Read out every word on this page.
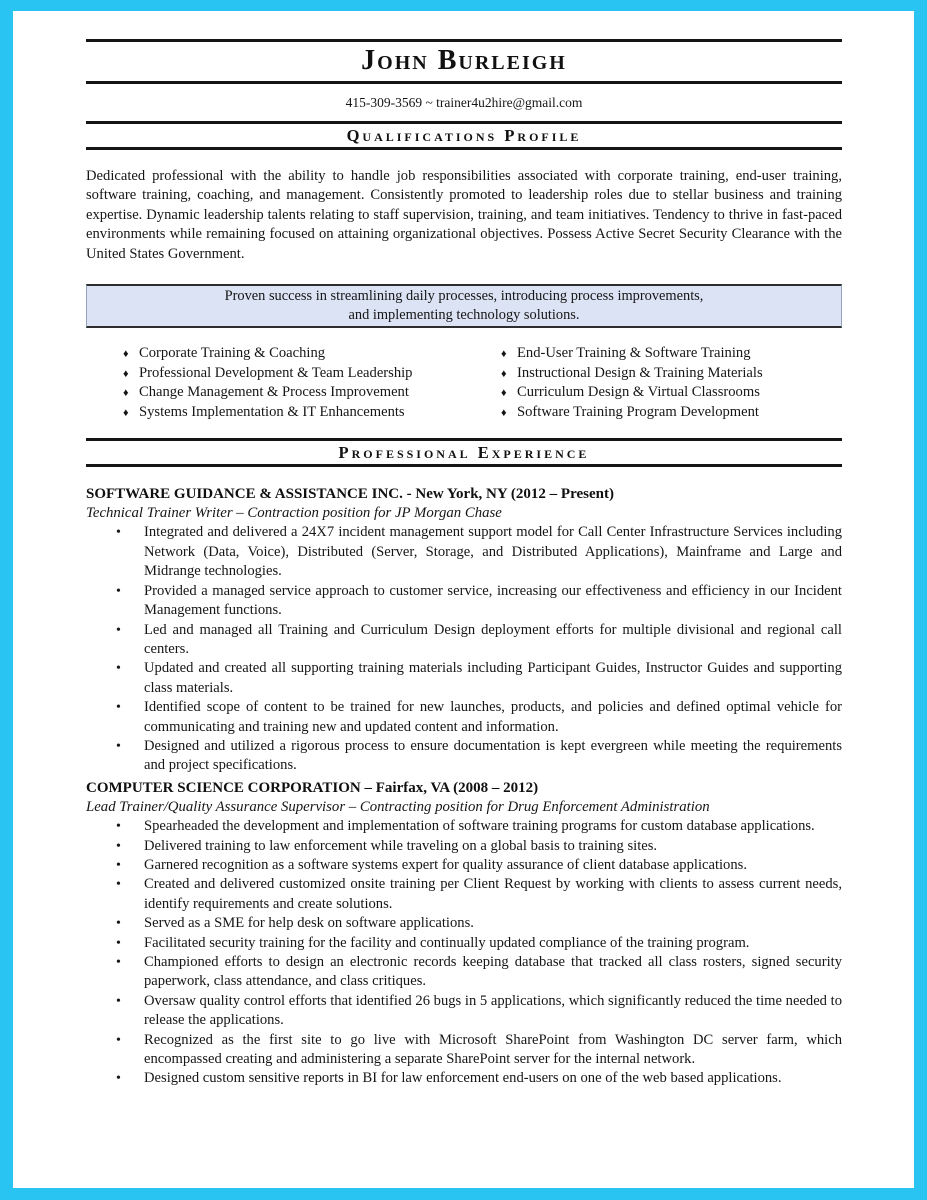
John Burleigh
415-309-3569 ~ trainer4u2hire@gmail.com
Qualifications Profile

Dedicated professional with the ability to handle job responsibilities associated with corporate training, end-user training, software training, coaching, and management. Consistently promoted to leadership roles due to stellar business and training expertise. Dynamic leadership talents relating to staff supervision, training, and team initiatives. Tendency to thrive in fast-paced environments while remaining focused on attaining organizational objectives. Possess Active Secret Security Clearance with the United States Government.

Proven success in streamlining daily processes, introducing process improvements,
and implementing technology solutions.
♦ Corporate Training & Coaching
♦ Professional Development & Team Leadership
♦ Change Management & Process Improvement
♦ Systems Implementation & IT Enhancements
♦ End-User Training & Software Training
♦ Instructional Design & Training Materials
♦ Curriculum Design & Virtual Classrooms
♦ Software Training Program Development
Professional Experience
SOFTWARE GUIDANCE & ASSISTANCE INC. - New York, NY (2012 – Present)
Technical Trainer Writer – Contraction position for JP Morgan Chase
• Integrated and delivered a 24X7 incident management support model for Call Center Infrastructure Services including Network (Data, Voice), Distributed (Server, Storage, and Distributed Applications), Mainframe and Large and Midrange technologies.
• Provided a managed service approach to customer service, increasing our effectiveness and efficiency in our Incident Management functions.
• Led and managed all Training and Curriculum Design deployment efforts for multiple divisional and regional call centers.
• Updated and created all supporting training materials including Participant Guides, Instructor Guides and supporting class materials.
• Identified scope of content to be trained for new launches, products, and policies and defined optimal vehicle for communicating and training new and updated content and information.
• Designed and utilized a rigorous process to ensure documentation is kept evergreen while meeting the requirements and project specifications.
COMPUTER SCIENCE CORPORATION – Fairfax, VA (2008 – 2012)
Lead Trainer/Quality Assurance Supervisor – Contracting position for Drug Enforcement Administration
• Spearheaded the development and implementation of software training programs for custom database applications.
• Delivered training to law enforcement while traveling on a global basis to training sites.
• Garnered recognition as a software systems expert for quality assurance of client database applications.
• Created and delivered customized onsite training per Client Request by working with clients to assess current needs, identify requirements and create solutions.
• Served as a SME for help desk on software applications.
• Facilitated security training for the facility and continually updated compliance of the training program.
• Championed efforts to design an electronic records keeping database that tracked all class rosters, signed security paperwork, class attendance, and class critiques.
• Oversaw quality control efforts that identified 26 bugs in 5 applications, which significantly reduced the time needed to release the applications.
• Recognized as the first site to go live with Microsoft SharePoint from Washington DC server farm, which encompassed creating and administering a separate SharePoint server for the internal network.
• Designed custom sensitive reports in BI for law enforcement end-users on one of the web based applications.
